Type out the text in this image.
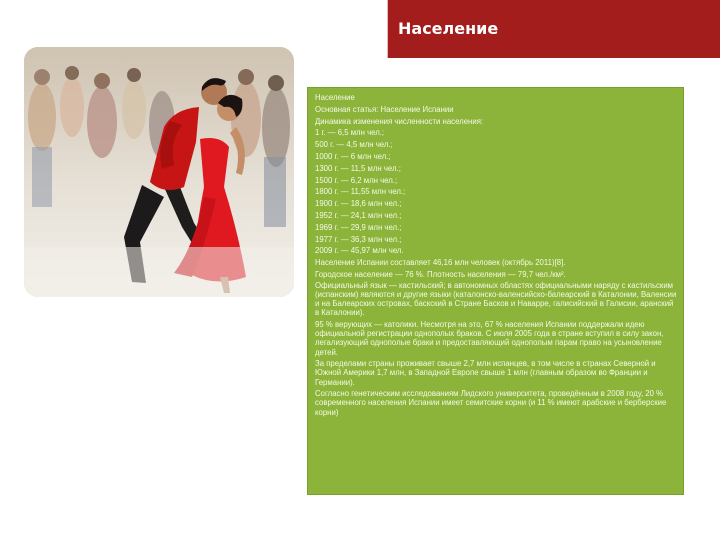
Население

Население

Основная статья: Население Испании

Динамика изменения численности населения:

1 г. — 6,5 млн чел.;

500 г. — 4,5 млн чел.;

1000 г. — 6 млн чел.;

1300 г. — 11,5 млн чел.;

1500 г. — 6,2 млн чел.;

1800 г. — 11,55 млн чел.;

1900 г. — 18,6 млн чел.;

1952 г. — 24,1 млн чел.;

1969 г. — 29,9 млн чел.;

1977 г. — 36,3 млн чел.;

2009 г. — 45,97 млн чел.

Население Испании составляет 46,16 млн человек (октябрь 2011)[8].

Городское население — 76 %. Плотность населения — 79,7 чел./км².

Официальный язык — кастильский; в автономных областях официальными наряду с кастильским (испанским) являются и другие языки (каталонско-валенсийско-балеарский в Каталонии, Валенсии и на Балеарских островах, баскский в Стране Басков и Наварре, галисийский в Галисии, аранский в Каталонии).

95 % верующих — католики. Несмотря на это, 67 % населения Испании поддержали идею официальной регистрации однополых браков. С июля 2005 года в стране вступил в силу закон, легализующий однополые браки и предоставляющий однополым парам право на усыновление детей.

За пределами страны проживает свыше 2,7 млн испанцев, в том числе в странах Северной и Южной Америки 1,7 млн, в Западной Европе свыше 1 млн (главным образом во Франции и Германии).

Согласно генетическим исследованиям Лидского университета, проведённым в 2008 году, 20 % современного населения Испании имеет семитские корни (и 11 % имеют арабские и берберские корни)
